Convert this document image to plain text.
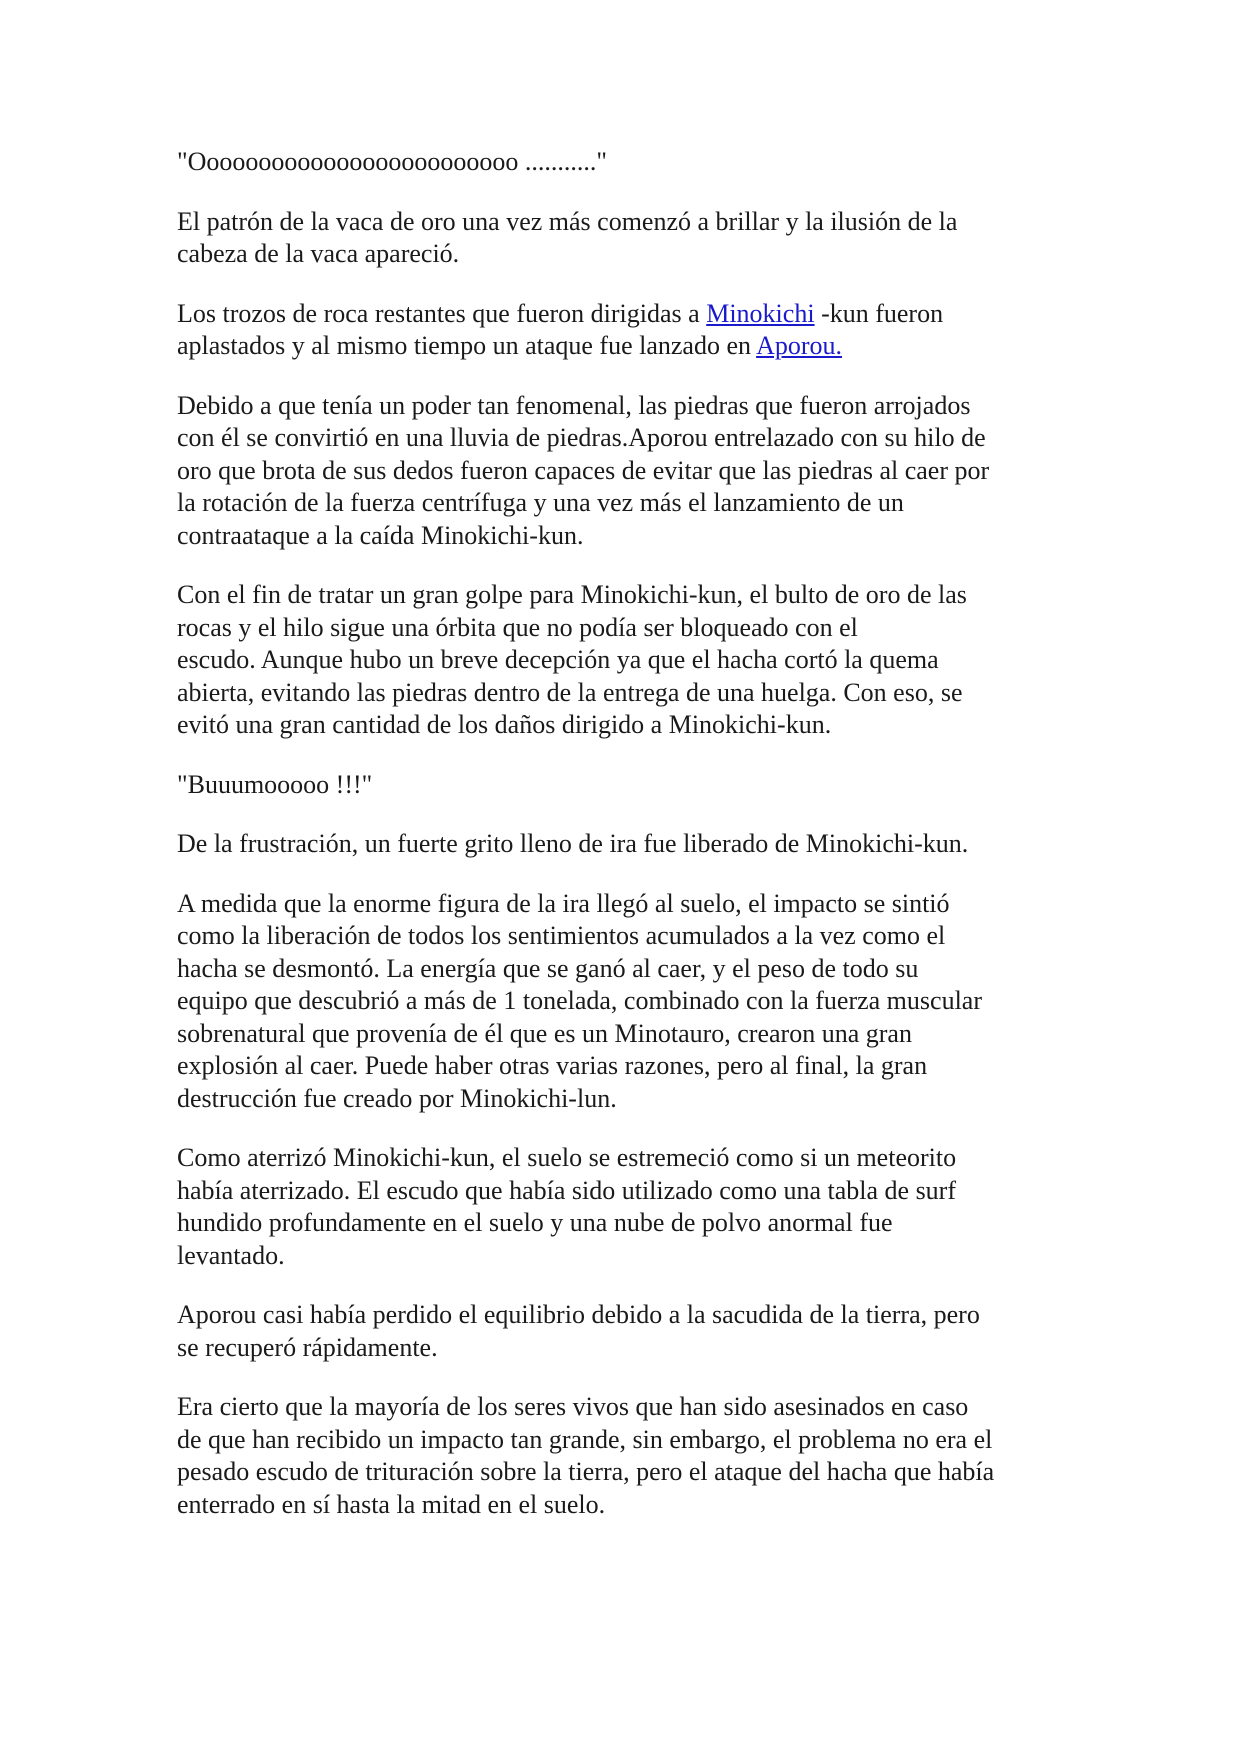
"Ooooooooooooooooooooooooo ..........."

El patrón de la vaca de oro una vez más comenzó a brillar y la ilusión de la
cabeza de la vaca apareció.

Los trozos de roca restantes que fueron dirigidas a Minokichi -kun fueron
aplastados y al mismo tiempo un ataque fue lanzado en Aporou.

Debido a que tenía un poder tan fenomenal, las piedras que fueron arrojados
con él se convirtió en una lluvia de piedras.Aporou entrelazado con su hilo de
oro que brota de sus dedos fueron capaces de evitar que las piedras al caer por
la rotación de la fuerza centrífuga y una vez más el lanzamiento de un
contraataque a la caída Minokichi-kun.

Con el fin de tratar un gran golpe para Minokichi-kun, el bulto de oro de las
rocas y el hilo sigue una órbita que no podía ser bloqueado con el
escudo. Aunque hubo un breve decepción ya que el hacha cortó la quema
abierta, evitando las piedras dentro de la entrega de una huelga. Con eso, se
evitó una gran cantidad de los daños dirigido a Minokichi-kun.

"Buuumooooo !!!"

De la frustración, un fuerte grito lleno de ira fue liberado de Minokichi-kun.

A medida que la enorme figura de la ira llegó al suelo, el impacto se sintió
como la liberación de todos los sentimientos acumulados a la vez como el
hacha se desmontó. La energía que se ganó al caer, y el peso de todo su
equipo que descubrió a más de 1 tonelada, combinado con la fuerza muscular
sobrenatural que provenía de él que es un Minotauro, crearon una gran
explosión al caer. Puede haber otras varias razones, pero al final, la gran
destrucción fue creado por Minokichi-lun.

Como aterrizó Minokichi-kun, el suelo se estremeció como si un meteorito
había aterrizado. El escudo que había sido utilizado como una tabla de surf
hundido profundamente en el suelo y una nube de polvo anormal fue
levantado.

Aporou casi había perdido el equilibrio debido a la sacudida de la tierra, pero
se recuperó rápidamente.

Era cierto que la mayoría de los seres vivos que han sido asesinados en caso
de que han recibido un impacto tan grande, sin embargo, el problema no era el
pesado escudo de trituración sobre la tierra, pero el ataque del hacha que había
enterrado en sí hasta la mitad en el suelo.
